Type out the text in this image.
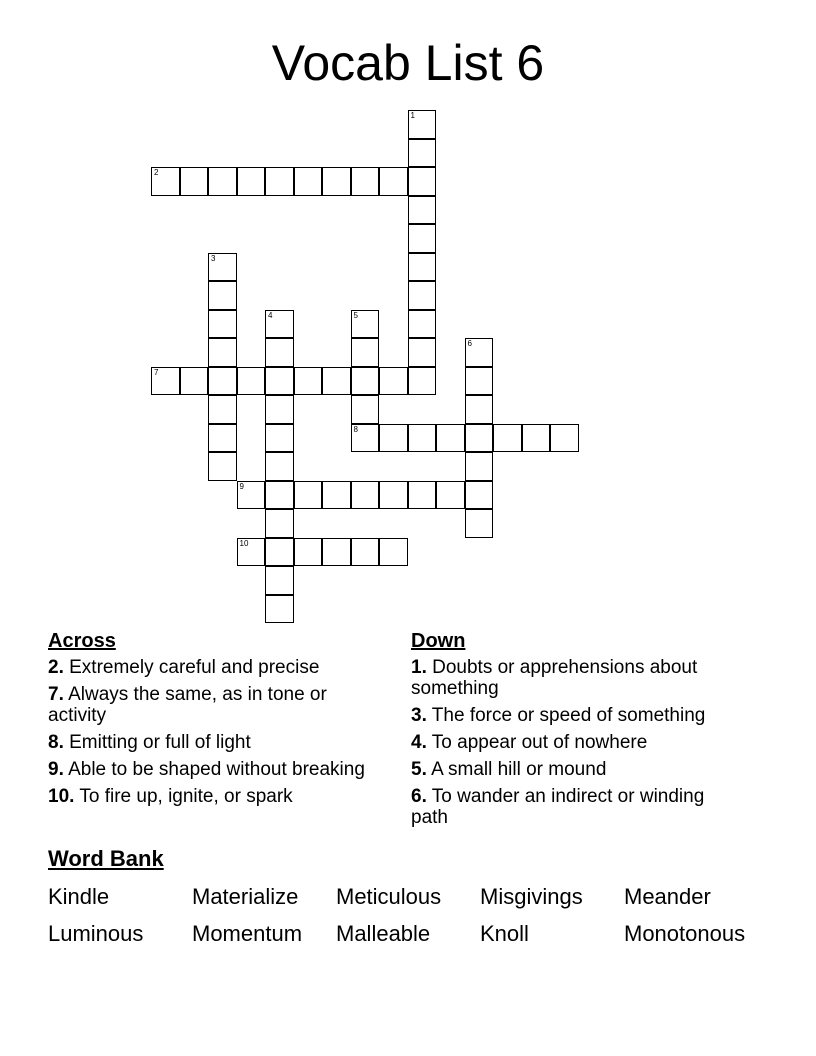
Vocab List 6
1
2
3
4	5
8
6
7
9
10
Across
2. Extremely careful and precise
7. Always the same, as in tone or activity
8. Emitting or full of light
9. Able to be shaped without breaking
10. To fire up, ignite, or spark
Down
1. Doubts or apprehensions about something
3. The force or speed of something
4. To appear out of nowhere
5. A small hill or mound
6. To wander an indirect or winding path
Word Bank
Kindle	Materialize Meticulous Misgivings Meander
Luminous Momentum Malleable Knoll	Monotonous
